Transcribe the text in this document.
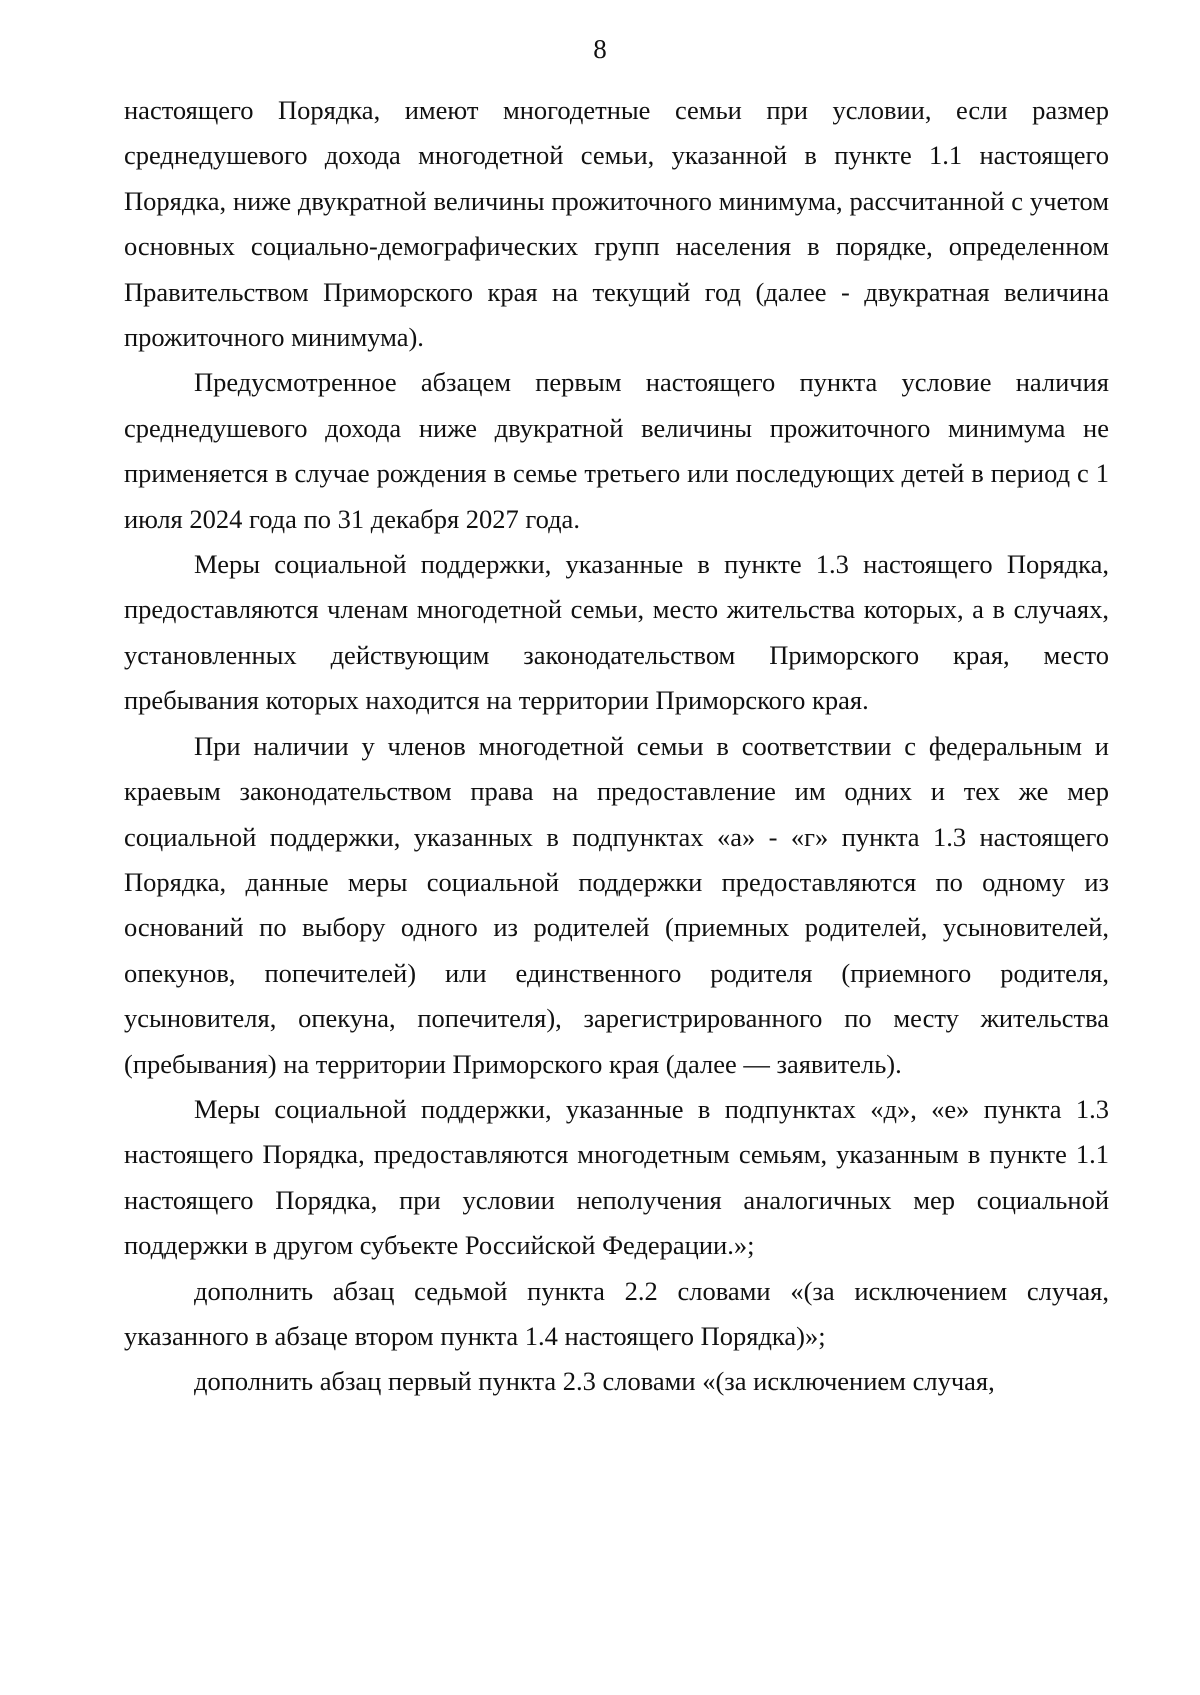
8

настоящего Порядка, имеют многодетные семьи при условии, если размер среднедушевого дохода многодетной семьи, указанной в пункте 1.1 настоящего Порядка, ниже двукратной величины прожиточного минимума, рассчитанной с учетом основных социально-демографических групп населения в порядке, определенном Правительством Приморского края на текущий год (далее - двукратная величина прожиточного минимума).

Предусмотренное абзацем первым настоящего пункта условие наличия среднедушевого дохода ниже двукратной величины прожиточного минимума не применяется в случае рождения в семье третьего или последующих детей в период с 1 июля 2024 года по 31 декабря 2027 года.

Меры социальной поддержки, указанные в пункте 1.3 настоящего Порядка, предоставляются членам многодетной семьи, место жительства которых, а в случаях, установленных действующим законодательством Приморского края, место пребывания которых находится на территории Приморского края.

При наличии у членов многодетной семьи в соответствии с федеральным и краевым законодательством права на предоставление им одних и тех же мер социальной поддержки, указанных в подпунктах «а» - «г» пункта 1.3 настоящего Порядка, данные меры социальной поддержки предоставляются по одному из оснований по выбору одного из родителей (приемных родителей, усыновителей, опекунов, попечителей) или единственного родителя (приемного родителя, усыновителя, опекуна, попечителя), зарегистрированного по месту жительства (пребывания) на территории Приморского края (далее — заявитель).

Меры социальной поддержки, указанные в подпунктах «д», «е» пункта 1.3 настоящего Порядка, предоставляются многодетным семьям, указанным в пункте 1.1 настоящего Порядка, при условии неполучения аналогичных мер социальной поддержки в другом субъекте Российской Федерации.»;

дополнить абзац седьмой пункта 2.2 словами «(за исключением случая, указанного в абзаце втором пункта 1.4 настоящего Порядка)»;

дополнить абзац первый пункта 2.3 словами «(за исключением случая,
